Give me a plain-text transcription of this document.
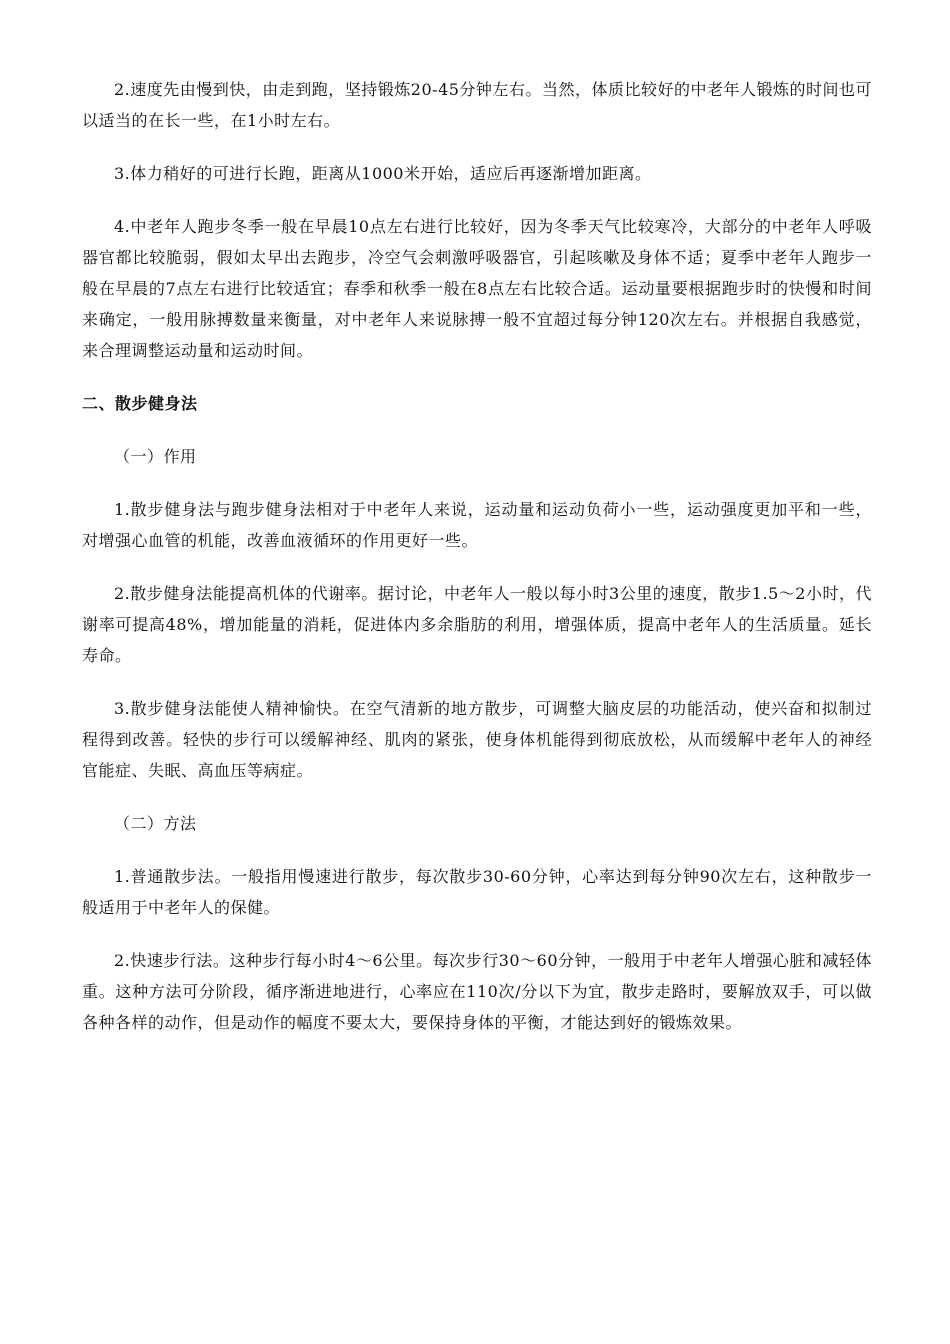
2.速度先由慢到快，由走到跑，坚持锻炼20-45分钟左右。当然，体质比较好的中老年人锻炼的时间也可以适当的在长一些，在1小时左右。

3.体力稍好的可进行长跑，距离从1000米开始，适应后再逐渐增加距离。

4.中老年人跑步冬季一般在早晨10点左右进行比较好，因为冬季天气比较寒冷，大部分的中老年人呼吸器官都比较脆弱，假如太早出去跑步，冷空气会刺激呼吸器官，引起咳嗽及身体不适；夏季中老年人跑步一般在早晨的7点左右进行比较适宜；春季和秋季一般在8点左右比较合适。运动量要根据跑步时的快慢和时间来确定，一般用脉搏数量来衡量，对中老年人来说脉搏一般不宜超过每分钟120次左右。并根据自我感觉，来合理调整运动量和运动时间。

二、散步健身法

（一）作用

1.散步健身法与跑步健身法相对于中老年人来说，运动量和运动负荷小一些，运动强度更加平和一些，对增强心血管的机能，改善血液循环的作用更好一些。

2.散步健身法能提高机体的代谢率。据讨论，中老年人一般以每小时3公里的速度，散步1.5～2小时，代谢率可提高48%，增加能量的消耗，促进体内多余脂肪的利用，增强体质，提高中老年人的生活质量。延长寿命。

3.散步健身法能使人精神愉快。在空气清新的地方散步，可调整大脑皮层的功能活动，使兴奋和拟制过程得到改善。轻快的步行可以缓解神经、肌肉的紧张，使身体机能得到彻底放松，从而缓解中老年人的神经官能症、失眠、高血压等病症。

（二）方法

1.普通散步法。一般指用慢速进行散步，每次散步30-60分钟，心率达到每分钟90次左右，这种散步一般适用于中老年人的保健。

2.快速步行法。这种步行每小时4～6公里。每次步行30～60分钟，一般用于中老年人增强心脏和减轻体重。这种方法可分阶段，循序渐进地进行，心率应在110次/分以下为宜，散步走路时，要解放双手，可以做各种各样的动作，但是动作的幅度不要太大，要保持身体的平衡，才能达到好的锻炼效果。
